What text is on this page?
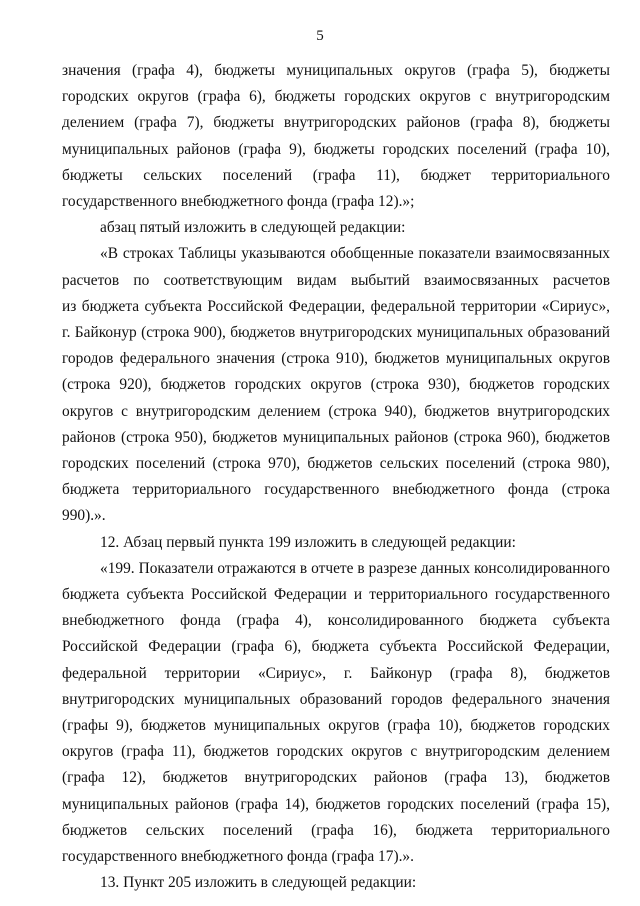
5
значения (графа 4), бюджеты муниципальных округов (графа 5), бюджеты
городских округов (графа 6), бюджеты городских округов с внутригородским
делением (графа 7), бюджеты внутригородских районов (графа 8), бюджеты
муниципальных районов (графа 9), бюджеты городских поселений (графа 10),
бюджеты сельских поселений (графа 11), бюджет территориального
государственного внебюджетного фонда (графа 12).»;
абзац пятый изложить в следующей редакции:
«В строках Таблицы указываются обобщенные показатели взаимосвязанных
расчетов по соответствующим видам выбытий взаимосвязанных расчетов
из бюджета субъекта Российской Федерации, федеральной территории «Сириус»,
г. Байконур (строка 900), бюджетов внутригородских муниципальных образований
городов федерального значения (строка 910), бюджетов муниципальных округов
(строка 920), бюджетов городских округов (строка 930), бюджетов городских
округов с внутригородским делением (строка 940), бюджетов внутригородских
районов (строка 950), бюджетов муниципальных районов (строка 960), бюджетов
городских поселений (строка 970), бюджетов сельских поселений (строка 980),
бюджета территориального государственного внебюджетного фонда (строка 990).».
12. Абзац первый пункта 199 изложить в следующей редакции:
«199. Показатели отражаются в отчете в разрезе данных консолидированного
бюджета субъекта Российской Федерации и территориального государственного
внебюджетного фонда (графа 4), консолидированного бюджета субъекта
Российской Федерации (графа 6), бюджета субъекта Российской Федерации,
федеральной территории «Сириус», г. Байконур (графа 8), бюджетов
внутригородских муниципальных образований городов федерального значения
(графы 9), бюджетов муниципальных округов (графа 10), бюджетов городских
округов (графа 11), бюджетов городских округов с внутригородским делением
(графа 12), бюджетов внутригородских районов (графа 13), бюджетов
муниципальных районов (графа 14), бюджетов городских поселений (графа 15),
бюджетов сельских поселений (графа 16), бюджета территориального
государственного внебюджетного фонда (графа 17).».
13. Пункт 205 изложить в следующей редакции:
